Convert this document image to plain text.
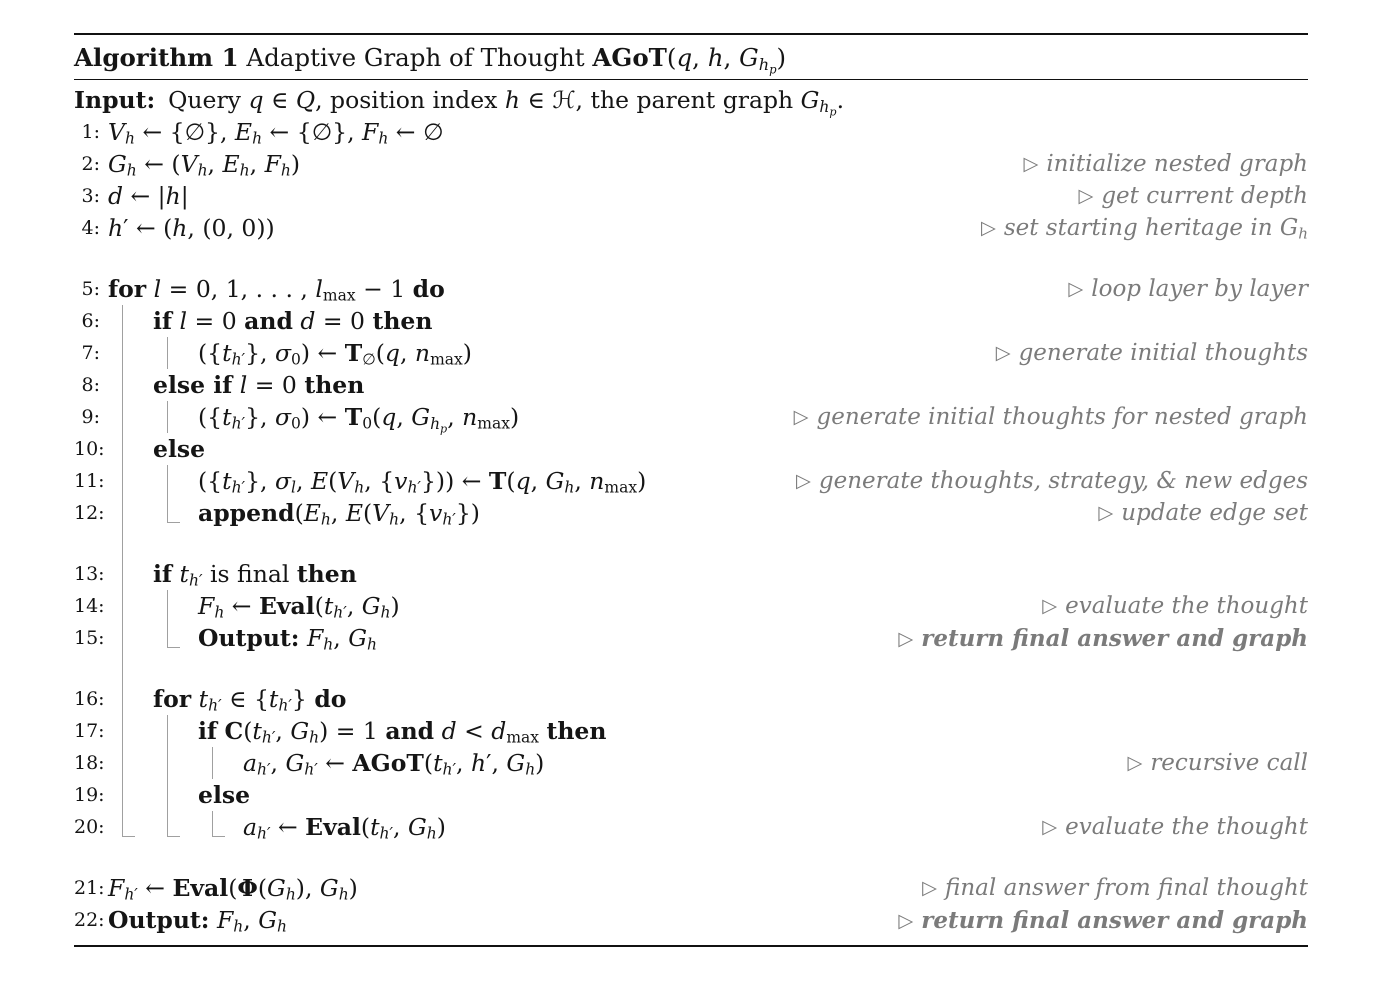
Algorithm 1 Adaptive Graph of Thought AGoT(q, h, $G_{h_p}$)
Input: Query q ∈ Q, position index h ∈ ℋ, the parent graph $G_{h_p}$.
1: $V_h$ ← {∅}, $E_h$ ← {∅}, $F_h$ ← ∅
2: $G_h$ ← ($V_h$, $E_h$, $F_h$)	▷ initialize nested graph
3: d ← |h|	▷ get current depth
4: h′ ← (h, (0, 0))	▷ set starting heritage in $G_h$
5: for l = 0, 1, . . . , $l_{max} - 1$ do	▷ loop layer by layer
6: if l = 0 and d = 0 then
7:	($\{t_{h'}\}$, $\sigma_0$) ← $T_\emptyset(q$, $n_{max}$)	▷ generate initial thoughts
8: else if l = 0 then
9:	($\{t_{h'}\}$, $\sigma_0$) ← $T_0(q$, $G_{h_p}$, $n_{max}$)	▷ generate initial thoughts for nested graph
10: else
11:	($\{t_{h'}\}$, $\sigma_l$, $E(V_h$, $\{v_{h'}\}$)) ← T(q, $G_h$, $n_{max}$)	▷ generate thoughts, strategy, & new edges
12:	$append(E_h$, $E(V_h$, $\{v_{h'}\}$)	▷ update edge set
13: if $t_{h'}$ is final then
14:	$F_h$ ← $Eval(t_{h'}$, $G_h$)	▷ evaluate the thought
15:	Output: $F_h$, $G_h$	▷ return final answer and graph
16: for $t_{h'}$ ∈ $\{t_{h'}\}$ do
17:	if $C(t_{h'}$, $G_h) = 1$ and $d < d_{max}$ then
18:	$a_{h'}$, $G_{h'}$ ← $AGoT(t_{h'}$, h′, $G_h$)	▷ recursive call
19:	else
20:	$a_{h'}$ ← $Eval(t_{h'}$, $G_h$)	▷ evaluate the thought
21: $F_{h'}$ ← $Eval(\Phi(G_h)$, $G_h$)	▷ final answer from final thought
22: Output: $F_h$, $G_h$	▷ return final answer and graph
